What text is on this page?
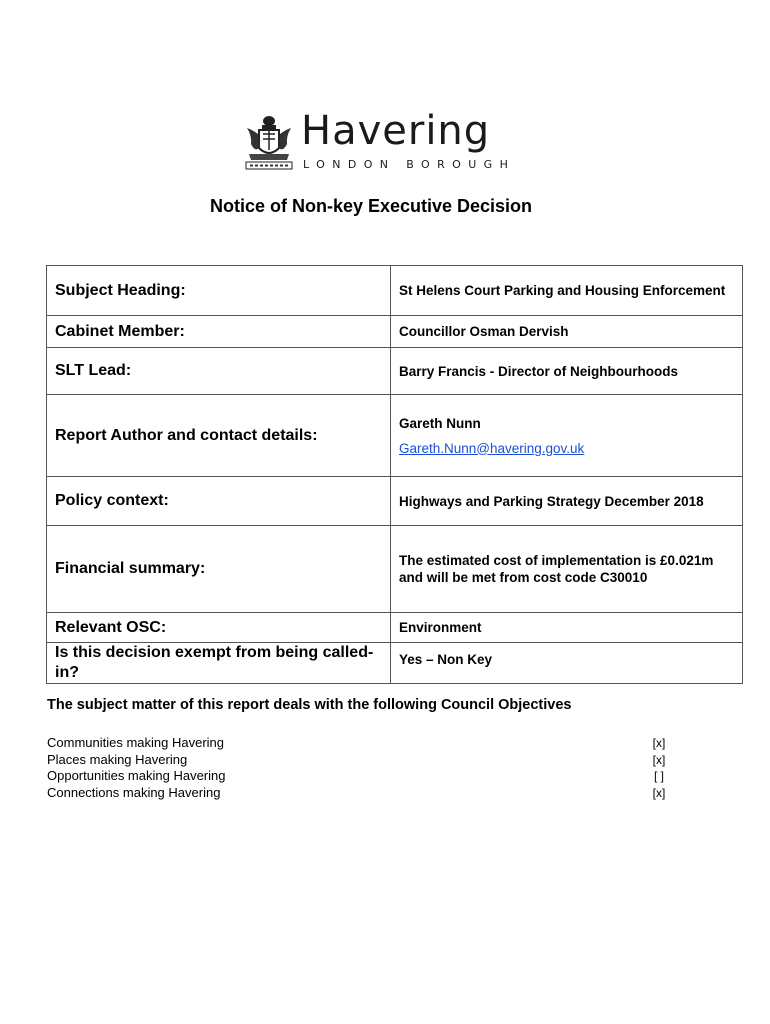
Havering
LONDON BOROUGH
Notice of Non-key Executive Decision
Subject Heading:	St Helens Court Parking and Housing Enforcement
Cabinet Member:	Councillor Osman Dervish
SLT Lead:	Barry Francis - Director of Neighbourhoods
Report Author and contact details:	Gareth Nunn
Gareth.Nunn@havering.gov.uk
Policy context:	Highways and Parking Strategy December 2018
Financial summary:	The estimated cost of implementation is £0.021m and will be met from cost code C30010
Relevant OSC:	Environment
Is this decision exempt from being called-in?	Yes – Non Key
The subject matter of this report deals with the following Council Objectives
Communities making Havering	[x]
Places making Havering	[x]
Opportunities making Havering	[ ]
Connections making Havering	[x]
